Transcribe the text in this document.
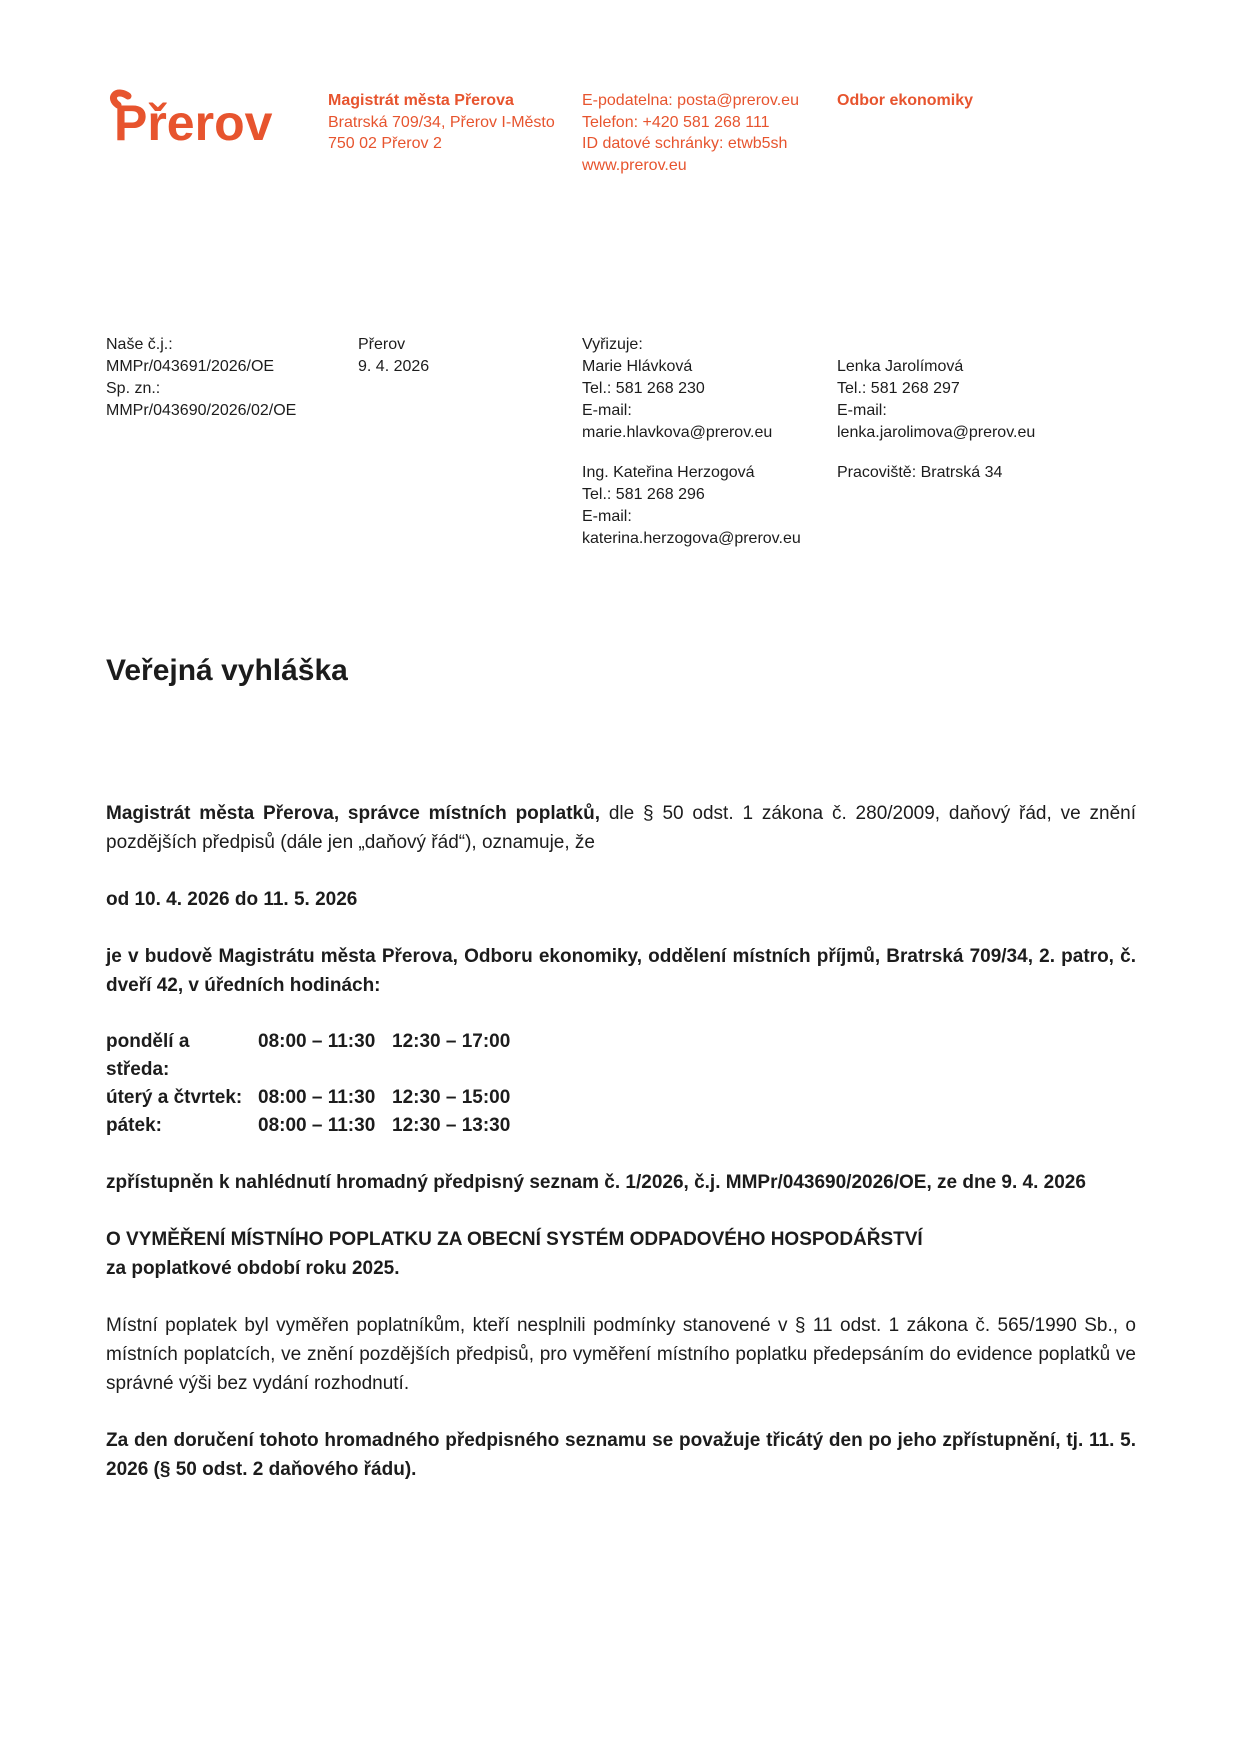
Přerov	Magistrát města Přerova
Bratrská 709/34, Přerov I-Město
750 02 Přerov 2
E-podatelna: posta@prerov.eu
Telefon: +420 581 268 111
ID datové schránky: etwb5sh
www.prerov.eu
Odbor ekonomiky
Naše č.j.:
MMPr/043691/2026/OE
Sp. zn.:
MMPr/043690/2026/02/OE
Přerov
9. 4. 2026
Vyřizuje:
Marie Hlávková
Tel.: 581 268 230
E-mail:
marie.hlavkova@prerov.eu
Ing. Kateřina Herzogová
Tel.: 581 268 296
E-mail:
katerina.herzogova@prerov.eu
Lenka Jarolímová
Tel.: 581 268 297
E-mail:
lenka.jarolimova@prerov.eu
Pracoviště: Bratrská 34
Veřejná vyhláška

Magistrát města Přerova, správce místních poplatků, dle § 50 odst. 1 zákona č. 280/2009, daňový řád, ve znění pozdějších předpisů (dále jen „daňový řád“), oznamuje, že

od 10. 4. 2026 do 11. 5. 2026

je v budově Magistrátu města Přerova, Odboru ekonomiky, oddělení místních příjmů, Bratrská 709/34, 2. patro, č. dveří 42, v úředních hodinách:

pondělí a středa:
08:00 – 11:30 12:30 – 17:00
úterý a čtvrtek: 08:00 – 11:30 12:30 – 15:00
pátek:	08:00 – 11:30 12:30 – 13:30

zpřístupněn k nahlédnutí hromadný předpisný seznam č. 1/2026, č.j. MMPr/043690/2026/OE, ze dne 9. 4. 2026

O VYMĚŘENÍ MÍSTNÍHO POPLATKU ZA OBECNÍ SYSTÉM ODPADOVÉHO HOSPODÁŘSTVÍ
za poplatkové období roku 2025.

Místní poplatek byl vyměřen poplatníkům, kteří nesplnili podmínky stanovené v § 11 odst. 1 zákona č. 565/1990 Sb., o místních poplatcích, ve znění pozdějších předpisů, pro vyměření místního poplatku předepsáním do evidence poplatků ve správné výši bez vydání rozhodnutí.

Za den doručení tohoto hromadného předpisného seznamu se považuje třicátý den po jeho zpřístupnění, tj. 11. 5. 2026 (§ 50 odst. 2 daňového řádu).
